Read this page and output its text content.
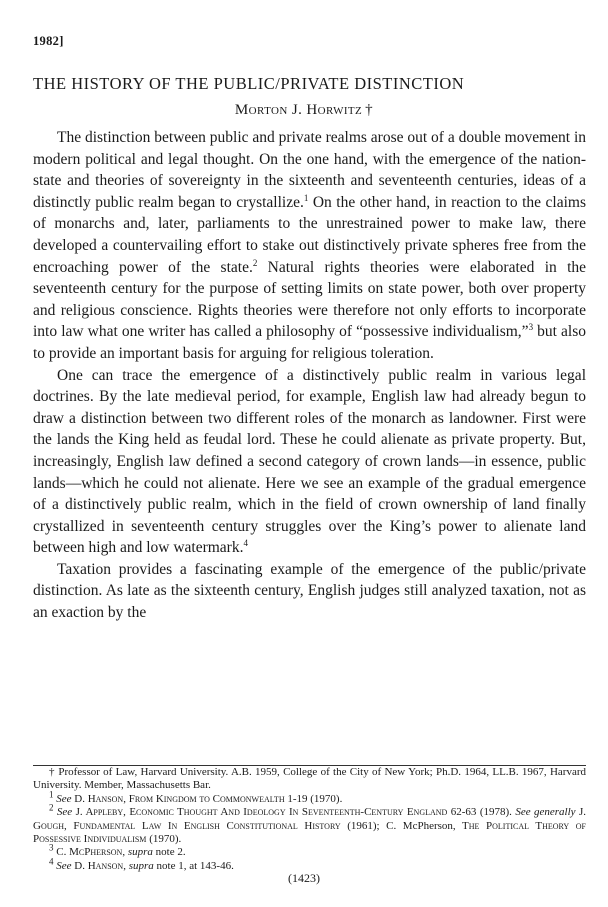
1982]
THE HISTORY OF THE PUBLIC/PRIVATE DISTINCTION
Morton J. Horwitz †

The distinction between public and private realms arose out of a double movement in modern political and legal thought. On the one hand, with the emergence of the nation-state and theories of sovereignty in the sixteenth and seventeenth centuries, ideas of a distinctly public realm began to crystallize.$^1$ On the other hand, in reaction to the claims of monarchs and, later, parliaments to the unrestrained power to make law, there developed a countervailing effort to stake out distinctively private spheres free from the encroaching power of the state.$^2$ Natural rights theories were elaborated in the seventeenth century for the purpose of setting limits on state power, both over property and religious conscience. Rights theories were therefore not only efforts to incorporate into law what one writer has called a philosophy of “possessive individualism,”$^3$ but also to provide an important basis for arguing for religious toleration.

One can trace the emergence of a distinctively public realm in various legal doctrines. By the late medieval period, for example, English law had already begun to draw a distinction between two different roles of the monarch as landowner. First were the lands the King held as feudal lord. These he could alienate as private property. But, increasingly, English law defined a second category of crown lands—in essence, public lands—which he could not alienate. Here we see an example of the gradual emergence of a distinctively public realm, which in the field of crown ownership of land finally crystallized in seventeenth century struggles over the King’s power to alienate land between high and low watermark.$^4$

Taxation provides a fascinating example of the emergence of the public/private distinction. As late as the sixteenth century, English judges still analyzed taxation, not as an exaction by the

† Professor of Law, Harvard University. A.B. 1959, College of the City of New York; Ph.D. 1964, LL.B. 1967, Harvard University. Member, Massachusetts Bar.

$^1$ See D. Hanson, From Kingdom to Commonwealth 1-19 (1970).

$^2$ See J. Appleby, Economic Thought And Ideology In Seventeenth-Century England 62-63 (1978). See generally J. Gough, Fundamental Law In English Constitutional History (1961); C. McPherson, The Political Theory of Possessive Individualism (1970).

$^3$ C. McPherson, supra note 2.

$^4$ See D. Hanson, supra note 1, at 143-46.

(1423)
